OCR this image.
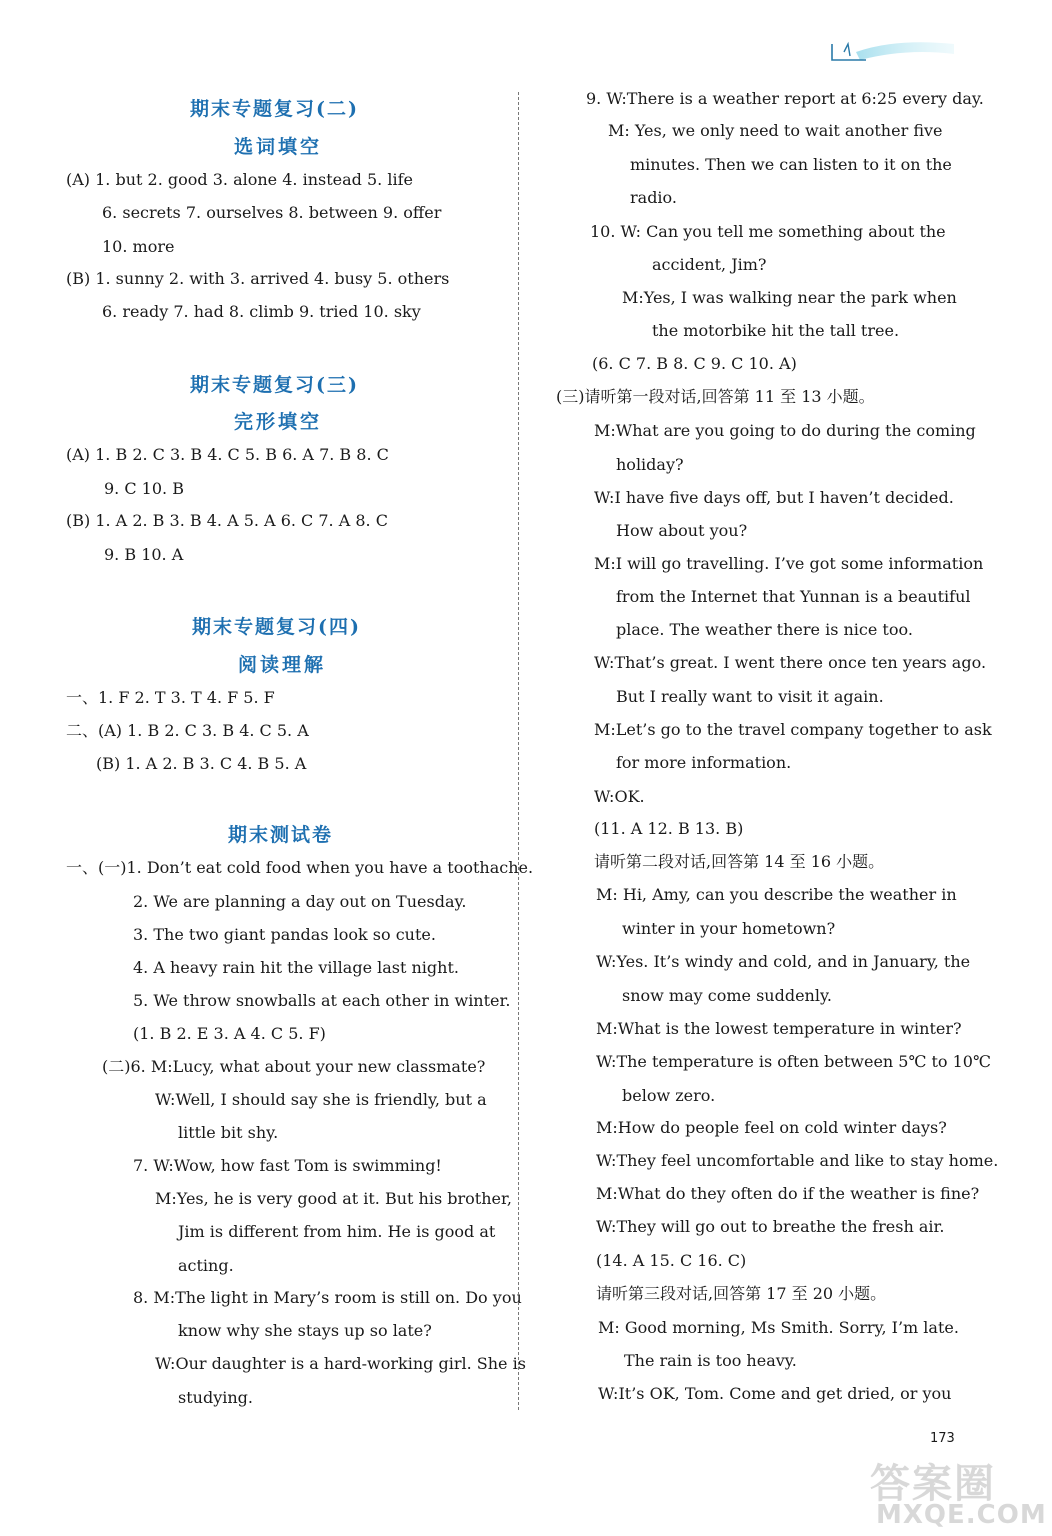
期末专题复习(二)
选词填空
(A) 1. but 2. good 3. alone 4. instead 5. life
6. secrets 7. ourselves 8. between 9. offer
10. more
(B) 1. sunny 2. with 3. arrived 4. busy 5. others
6. ready 7. had 8. climb 9. tried 10. sky
期末专题复习(三)
完形填空
(A) 1. B 2. C 3. B 4. C 5. B 6. A 7. B 8. C
9. C 10. B
(B) 1. A 2. B 3. B 4. A 5. A 6. C 7. A 8. C
9. B 10. A
期末专题复习(四)
阅读理解
一、1. F 2. T 3. T 4. F 5. F
二、(A) 1. B 2. C 3. B 4. C 5. A
(B) 1. A 2. B 3. C 4. B 5. A
期末测试卷
一、(一)1. Don’t eat cold food when you have a toothache.
2. We are planning a day out on Tuesday.
3. The two giant pandas look so cute.
4. A heavy rain hit the village last night.
5. We throw snowballs at each other in winter.
(1. B 2. E 3. A 4. C 5. F)
(二)6. M:Lucy, what about your new classmate?
W:Well, I should say she is friendly, but a
little bit shy.
7. W:Wow, how fast Tom is swimming!
M:Yes, he is very good at it. But his brother,
Jim is different from him. He is good at
acting.
8. M:The light in Mary’s room is still on. Do you
know why she stays up so late?
W:Our daughter is a hard-working girl. She is
studying.
9. W:There is a weather report at 6:25 every day.
M: Yes, we only need to wait another five
minutes. Then we can listen to it on the
radio.
10. W: Can you tell me something about the
accident, Jim?
M:Yes, I was walking near the park when
the motorbike hit the tall tree.
(6. C 7. B 8. C 9. C 10. A)
(三)请听第一段对话,回答第 11 至 13 小题。
M:What are you going to do during the coming
holiday?
W:I have five days off, but I haven’t decided.
How about you?
M:I will go travelling. I’ve got some information
from the Internet that Yunnan is a beautiful
place. The weather there is nice too.
W:That’s great. I went there once ten years ago.
But I really want to visit it again.
M:Let’s go to the travel company together to ask
for more information.
W:OK.
(11. A 12. B 13. B)
请听第二段对话,回答第 14 至 16 小题。
M: Hi, Amy, can you describe the weather in
winter in your hometown?
W:Yes. It’s windy and cold, and in January, the
snow may come suddenly.
M:What is the lowest temperature in winter?
W:The temperature is often between 5℃ to 10℃
below zero.
M:How do people feel on cold winter days?
W:They feel uncomfortable and like to stay home.
M:What do they often do if the weather is fine?
W:They will go out to breathe the fresh air.
(14. A 15. C 16. C)
请听第三段对话,回答第 17 至 20 小题。
M: Good morning, Ms Smith. Sorry, I’m late.
The rain is too heavy.
W:It’s OK, Tom. Come and get dried, or you
173
答案圈
MXQE.COM
